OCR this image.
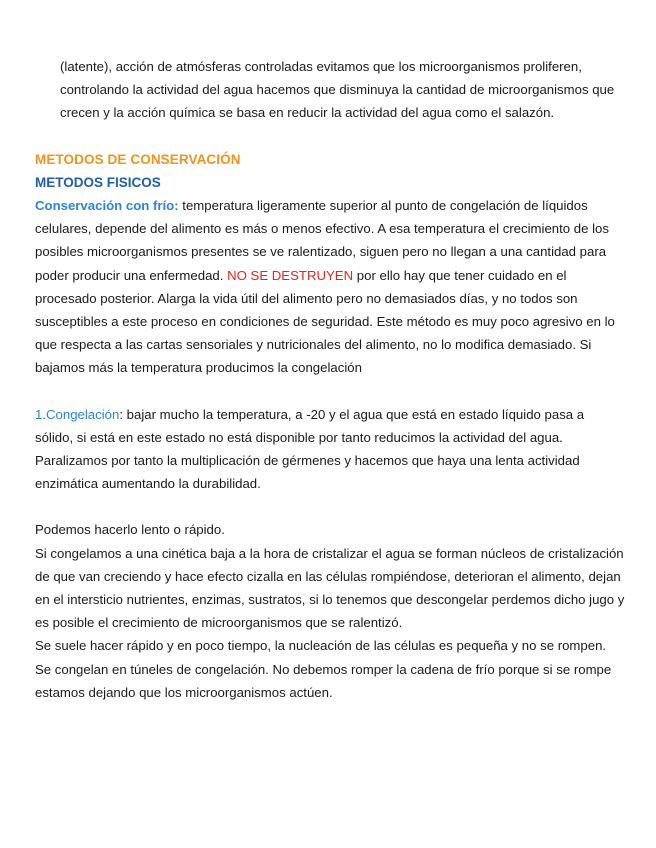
(latente), acción de atmósferas controladas evitamos que los microorganismos proliferen, controlando la actividad del agua hacemos que disminuya la cantidad de microorganismos que crecen y la acción química se basa en reducir la actividad del agua como el salazón.

METODOS DE CONSERVACIÓN
METODOS FISICOS

Conservación con frío: temperatura ligeramente superior al punto de congelación de líquidos celulares, depende del alimento es más o menos efectivo. A esa temperatura el crecimiento de los posibles microorganismos presentes se ve ralentizado, siguen pero no llegan a una cantidad para poder producir una enfermedad. NO SE DESTRUYEN por ello hay que tener cuidado en el procesado posterior. Alarga la vida útil del alimento pero no demasiados días, y no todos son susceptibles a este proceso en condiciones de seguridad. Este método es muy poco agresivo en lo que respecta a las cartas sensoriales y nutricionales del alimento, no lo modifica demasiado. Si bajamos más la temperatura producimos la congelación

1.Congelación: bajar mucho la temperatura, a -20 y el agua que está en estado líquido pasa a sólido, si está en este estado no está disponible por tanto reducimos la actividad del agua. Paralizamos por tanto la multiplicación de gérmenes y hacemos que haya una lenta actividad enzimática aumentando la durabilidad.

Podemos hacerlo lento o rápido.

Si congelamos a una cinética baja a la hora de cristalizar el agua se forman núcleos de cristalización de que van creciendo y hace efecto cizalla en las células rompiéndose, deterioran el alimento, dejan en el intersticio nutrientes, enzimas, sustratos, si lo tenemos que descongelar perdemos dicho jugo y es posible el crecimiento de microorganismos que se ralentizó.

Se suele hacer rápido y en poco tiempo, la nucleación de las células es pequeña y no se rompen. Se congelan en túneles de congelación. No debemos romper la cadena de frío porque si se rompe estamos dejando que los microorganismos actúen.
